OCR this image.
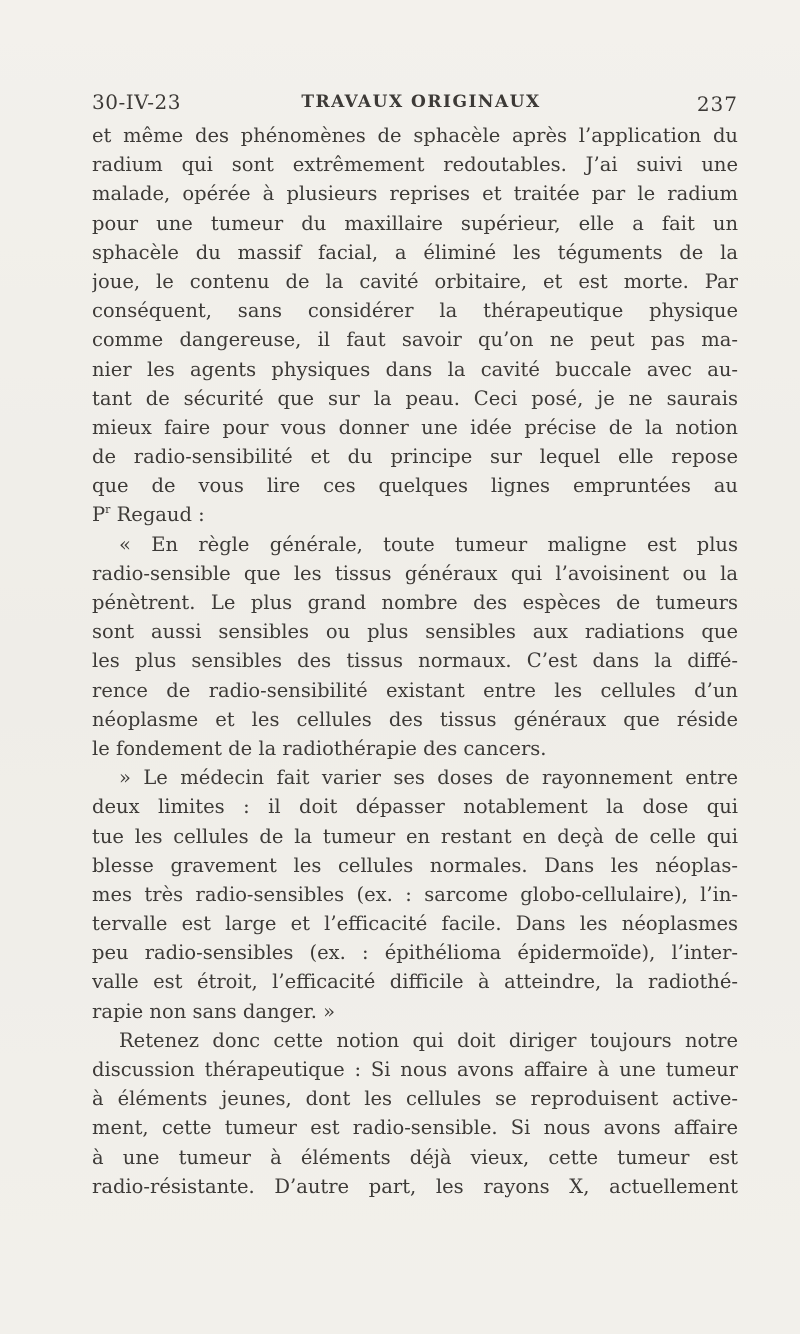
30-IV-23	TRAVAUX ORIGINAUX	237
et même des phénomènes de sphacèle après l’application du
radium qui sont extrêmement redoutables. J’ai suivi une
malade, opérée à plusieurs reprises et traitée par le radium
pour une tumeur du maxillaire supérieur, elle a fait un
sphacèle du massif facial, a éliminé les téguments de la
joue, le contenu de la cavité orbitaire, et est morte. Par
conséquent, sans considérer la thérapeutique physique
comme dangereuse, il faut savoir qu’on ne peut pas ma-
nier les agents physiques dans la cavité buccale avec au-
tant de sécurité que sur la peau. Ceci posé, je ne saurais
mieux faire pour vous donner une idée précise de la notion
de radio-sensibilité et du principe sur lequel elle repose
que de vous lire ces quelques lignes empruntées au
$P^r$ Regaud :
« En règle générale, toute tumeur maligne est plus
radio-sensible que les tissus généraux qui l’avoisinent ou la
pénètrent. Le plus grand nombre des espèces de tumeurs
sont aussi sensibles ou plus sensibles aux radiations que
les plus sensibles des tissus normaux. C’est dans la diffé-
rence de radio-sensibilité existant entre les cellules d’un
néoplasme et les cellules des tissus généraux que réside
le fondement de la radiothérapie des cancers.
» Le médecin fait varier ses doses de rayonnement entre
deux limites : il doit dépasser notablement la dose qui
tue les cellules de la tumeur en restant en deçà de celle qui
blesse gravement les cellules normales. Dans les néoplas-
mes très radio-sensibles (ex. : sarcome globo-cellulaire), l’in-
tervalle est large et l’efficacité facile. Dans les néoplasmes
peu radio-sensibles (ex. : épithélioma épidermoïde), l’inter-
valle est étroit, l’efficacité difficile à atteindre, la radiothé-
rapie non sans danger. »
Retenez donc cette notion qui doit diriger toujours notre
discussion thérapeutique : Si nous avons affaire à une tumeur
à éléments jeunes, dont les cellules se reproduisent active-
ment, cette tumeur est radio-sensible. Si nous avons affaire
à une tumeur à éléments déjà vieux, cette tumeur est
radio-résistante. D’autre part, les rayons X, actuellement
